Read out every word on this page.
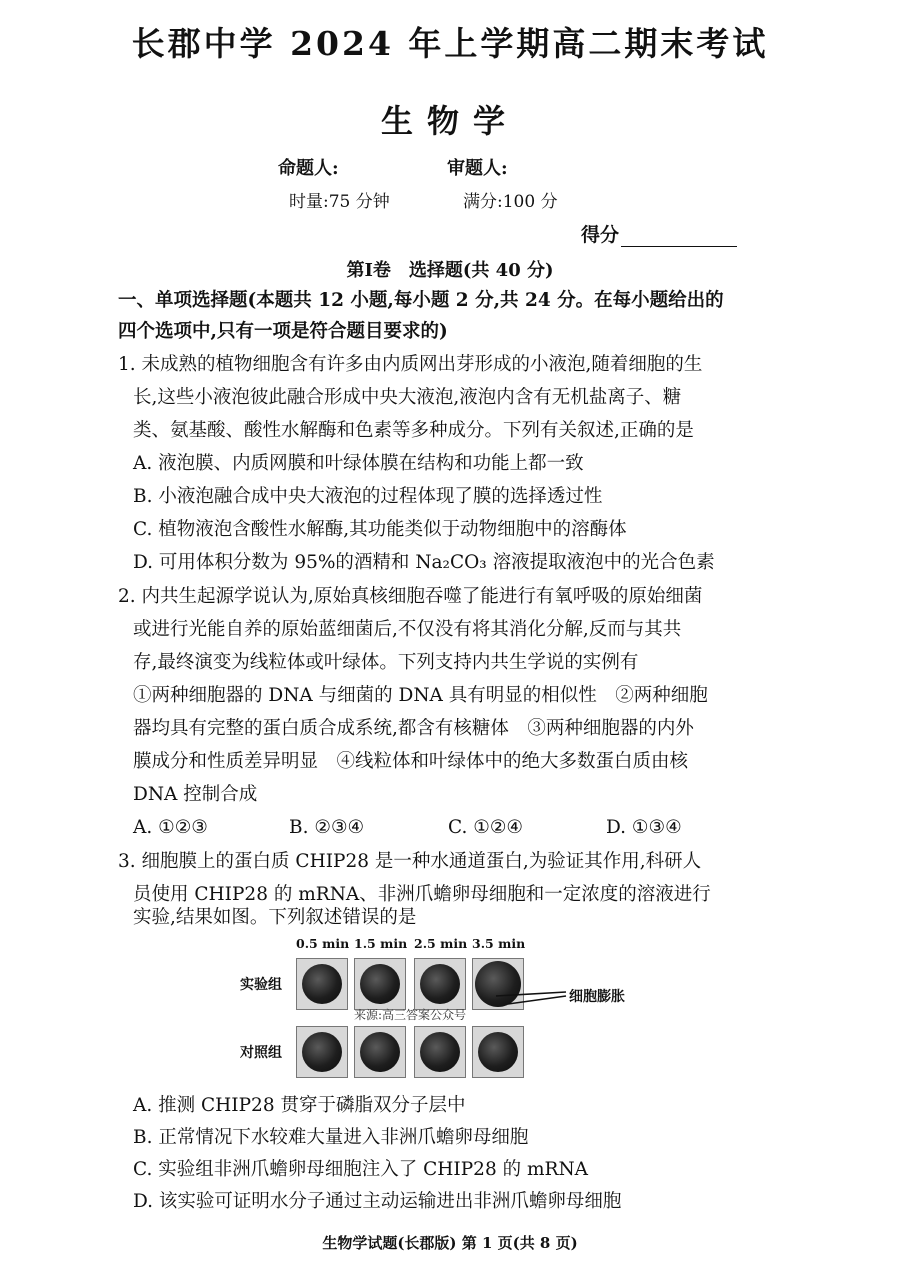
长郡中学 2024 年上学期高二期末考试
生物学
命题人:	审题人:
时量:75 分钟	满分:100 分
得分
第Ⅰ卷　选择题(共 40 分)
一、单项选择题(本题共 12 小题,每小题 2 分,共 24 分。在每小题给出的
四个选项中,只有一项是符合题目要求的)
1. 未成熟的植物细胞含有许多由内质网出芽形成的小液泡,随着细胞的生
长,这些小液泡彼此融合形成中央大液泡,液泡内含有无机盐离子、糖
类、氨基酸、酸性水解酶和色素等多种成分。下列有关叙述,正确的是
A. 液泡膜、内质网膜和叶绿体膜在结构和功能上都一致
B. 小液泡融合成中央大液泡的过程体现了膜的选择透过性
C. 植物液泡含酸性水解酶,其功能类似于动物细胞中的溶酶体
D. 可用体积分数为 95%的酒精和 Na₂CO₃ 溶液提取液泡中的光合色素
2. 内共生起源学说认为,原始真核细胞吞噬了能进行有氧呼吸的原始细菌
或进行光能自养的原始蓝细菌后,不仅没有将其消化分解,反而与其共
存,最终演变为线粒体或叶绿体。下列支持内共生学说的实例有
①两种细胞器的 DNA 与细菌的 DNA 具有明显的相似性　②两种细胞
器均具有完整的蛋白质合成系统,都含有核糖体　③两种细胞器的内外
膜成分和性质差异明显　④线粒体和叶绿体中的绝大多数蛋白质由核
DNA 控制合成
A. ①②③	B. ②③④	C. ①②④	D. ①③④
3. 细胞膜上的蛋白质 CHIP28 是一种水通道蛋白,为验证其作用,科研人
员使用 CHIP28 的 mRNA、非洲爪蟾卵母细胞和一定浓度的溶液进行
实验,结果如图。下列叙述错误的是
0.5 min 1.5 min 2.5 min 3.5 min
实验组
对照组
细胞膨胀
来源:高三答案公众号
A. 推测 CHIP28 贯穿于磷脂双分子层中
B. 正常情况下水较难大量进入非洲爪蟾卵母细胞
C. 实验组非洲爪蟾卵母细胞注入了 CHIP28 的 mRNA
D. 该实验可证明水分子通过主动运输进出非洲爪蟾卵母细胞
生物学试题(长郡版) 第 1 页(共 8 页)
